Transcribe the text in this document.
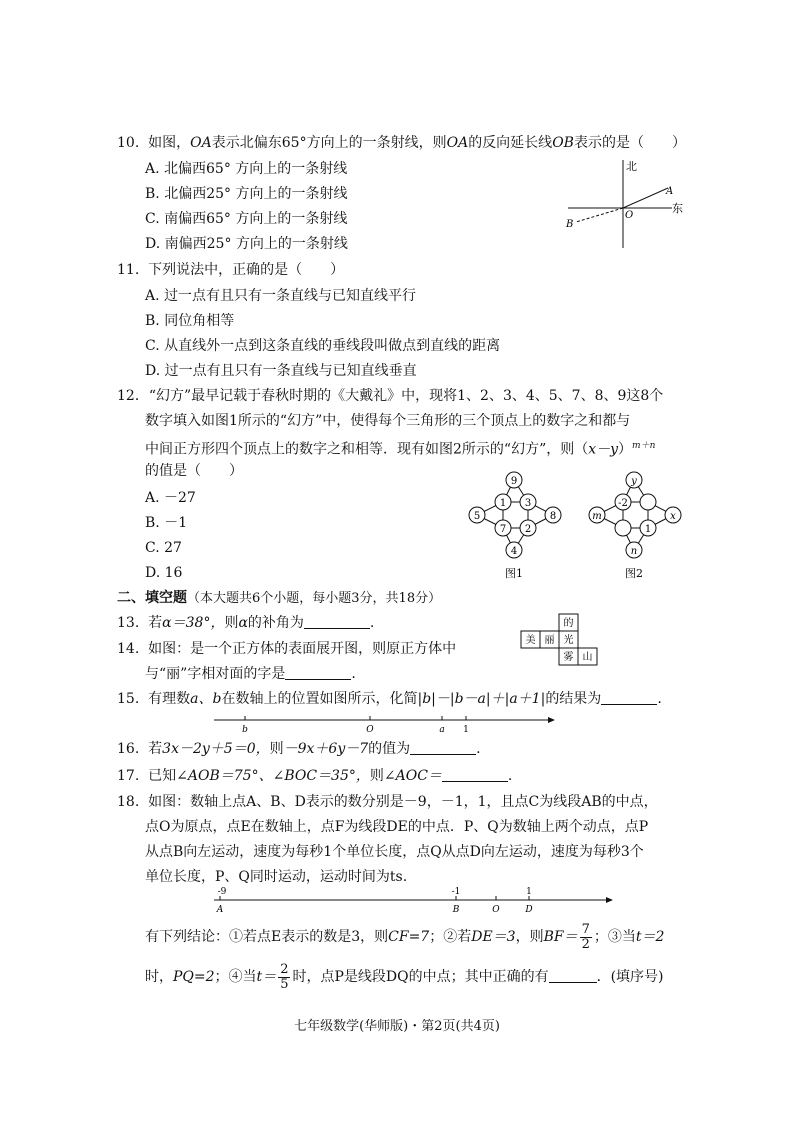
10. 如图，OA表示北偏东65°方向上的一条射线，则OA的反向延长线OB表示的是（　　）
A. 北偏西65° 方向上的一条射线
B. 北偏西25° 方向上的一条射线
C. 南偏西65° 方向上的一条射线
D. 南偏西25° 方向上的一条射线
北
东
A
B
O
11. 下列说法中，正确的是（　　）
A. 过一点有且只有一条直线与已知直线平行
B. 同位角相等
C. 从直线外一点到这条直线的垂线段叫做点到直线的距离
D. 过一点有且只有一条直线与已知直线垂直
12．“幻方”最早记载于春秋时期的《大戴礼》中，现将1、2、3、4、5、7、8、9这8个
数字填入如图1所示的“幻方”中，使得每个三角形的三个顶点上的数字之和都与
中间正方形四个顶点上的数字之和相等．现有如图2所示的“幻方”，则$(x-y)^{m+n}$
的值是（　　）
A. －27
B. －1
C. 27
D. 16
9
5	8
4
1 3
7 2
图1
y
m	x
n
-2
1
图2
二、填空题（本大题共6个小题，每小题3分，共18分）
13. 若α＝38°，则α的补角为	.
14. 如图：是一个正方体的表面展开图，则原正方体中
与“丽”字相对面的字是	.
的
美 丽 光
雾 山
15. 有理数a、b在数轴上的位置如图所示，化简|b|－|b－a|＋|a＋1|的结果为	.
b	O	a 1
16. 若3x－2y＋5＝0，则－9x＋6y－7的值为	.
17. 已知∠AOB＝75°、∠BOC＝35°，则∠AOC＝	.
18. 如图：数轴上点A、B、D表示的数分别是－9，－1，1，且点C为线段AB的中点，
点O为原点，点E在数轴上，点F为线段DE的中点．P、Q为数轴上两个动点，点P
从点B向左运动，速度为每秒1个单位长度，点Q从点D向左运动，速度为每秒3个
单位长度，P、Q同时运动，运动时间为ts.
-9	-1	1
A	B	O	D
有下列结论：①若点E表示的数是3，则CF=7；②若DE＝3，则$BF= \frac{7}{2}$ ；③当t＝2
时，PQ=2；④当$t= \frac{2}{5}$ 时，点P是线段DQ的中点；其中正确的有	．(填序号)
七年级数学(华师版)・第2页(共4页)
